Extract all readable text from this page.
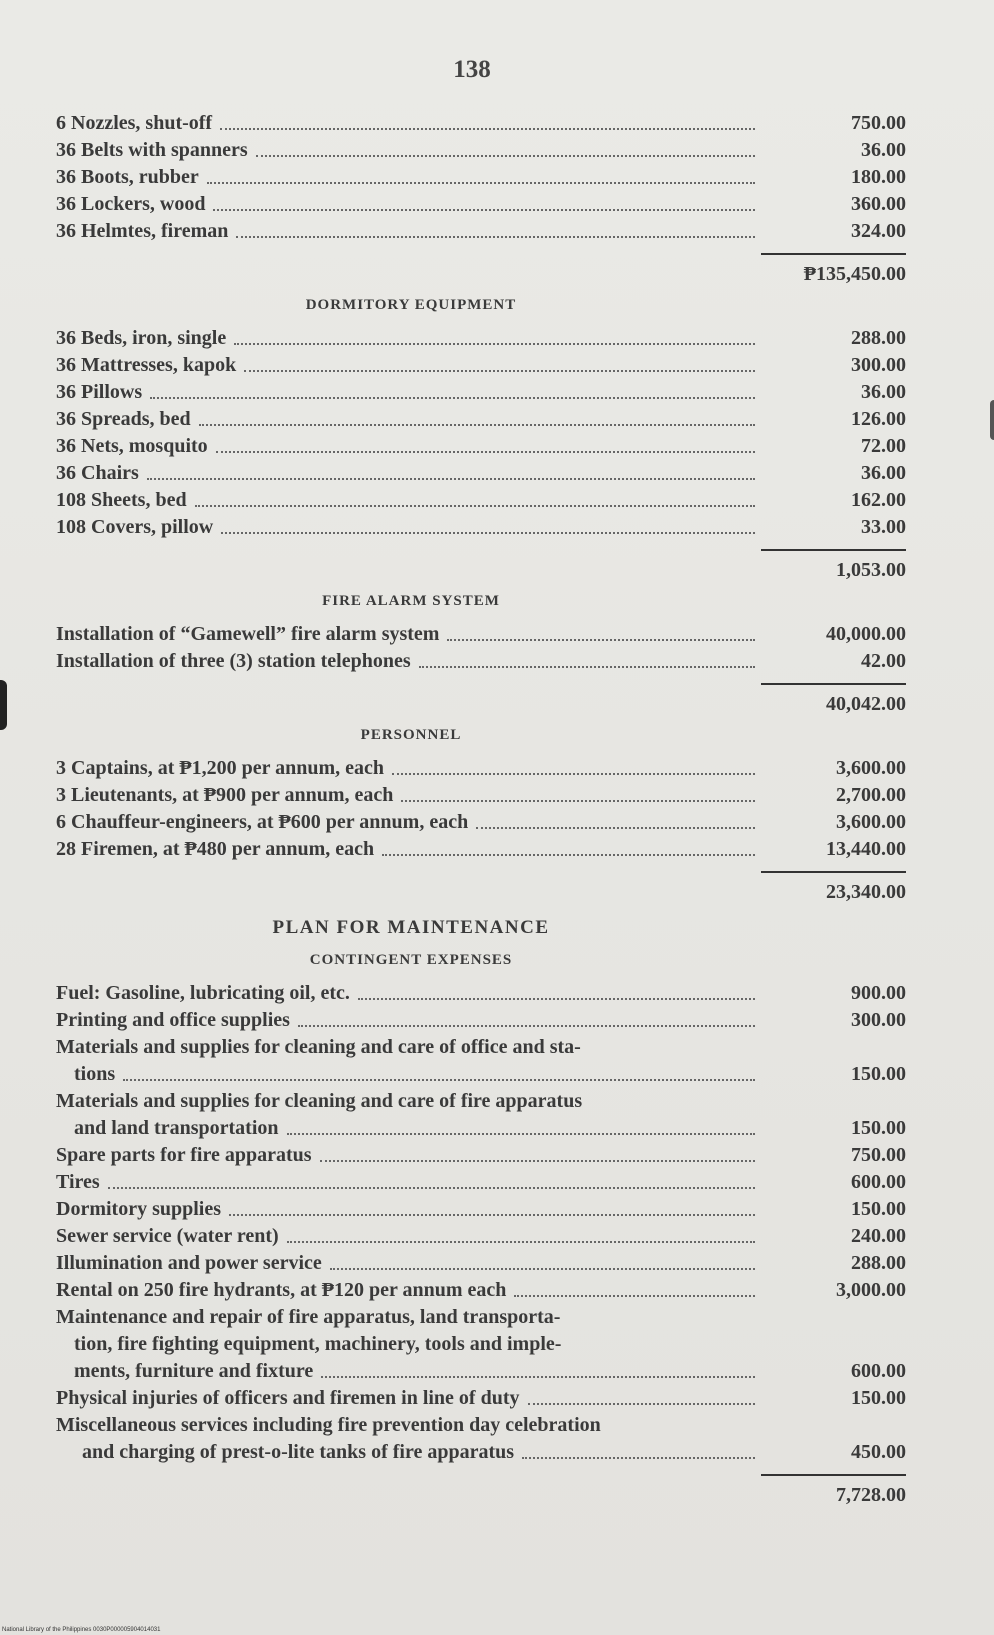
138
6 Nozzles, shut-off	750.00
36 Belts with spanners	36.00
36 Boots, rubber	180.00
36 Lockers, wood	360.00
36 Helmtes, fireman	324.00
₱135,450.00
DORMITORY EQUIPMENT
36 Beds, iron, single	288.00
36 Mattresses, kapok	300.00
36 Pillows	36.00
36 Spreads, bed	126.00
36 Nets, mosquito	72.00
36 Chairs	36.00
108 Sheets, bed	162.00
108 Covers, pillow	33.00
1,053.00
FIRE ALARM SYSTEM
Installation of “Gamewell” fire alarm system	40,000.00
Installation of three (3) station telephones	42.00
40,042.00
PERSONNEL
3 Captains, at ₱1,200 per annum, each	3,600.00
3 Lieutenants, at ₱900 per annum, each	2,700.00
6 Chauffeur-engineers, at ₱600 per annum, each	3,600.00
28 Firemen, at ₱480 per annum, each	13,440.00
23,340.00
PLAN FOR MAINTENANCE
CONTINGENT EXPENSES
Fuel: Gasoline, lubricating oil, etc.	900.00
Printing and office supplies	300.00
Materials and supplies for cleaning and care of office and sta-
tions	150.00
Materials and supplies for cleaning and care of fire apparatus
and land transportation	150.00
Spare parts for fire apparatus	750.00
Tires	600.00
Dormitory supplies	150.00
Sewer service (water rent)	240.00
Illumination and power service	288.00
Rental on 250 fire hydrants, at ₱120 per annum each	3,000.00
Maintenance and repair of fire apparatus, land transporta-
tion, fire fighting equipment, machinery, tools and imple-
ments, furniture and fixture	600.00
Physical injuries of officers and firemen in line of duty	150.00
Miscellaneous services including fire prevention day celebration
and charging of prest-o-lite tanks of fire apparatus	450.00
7,728.00
National Library of the Philippines 0030P000005904014031
